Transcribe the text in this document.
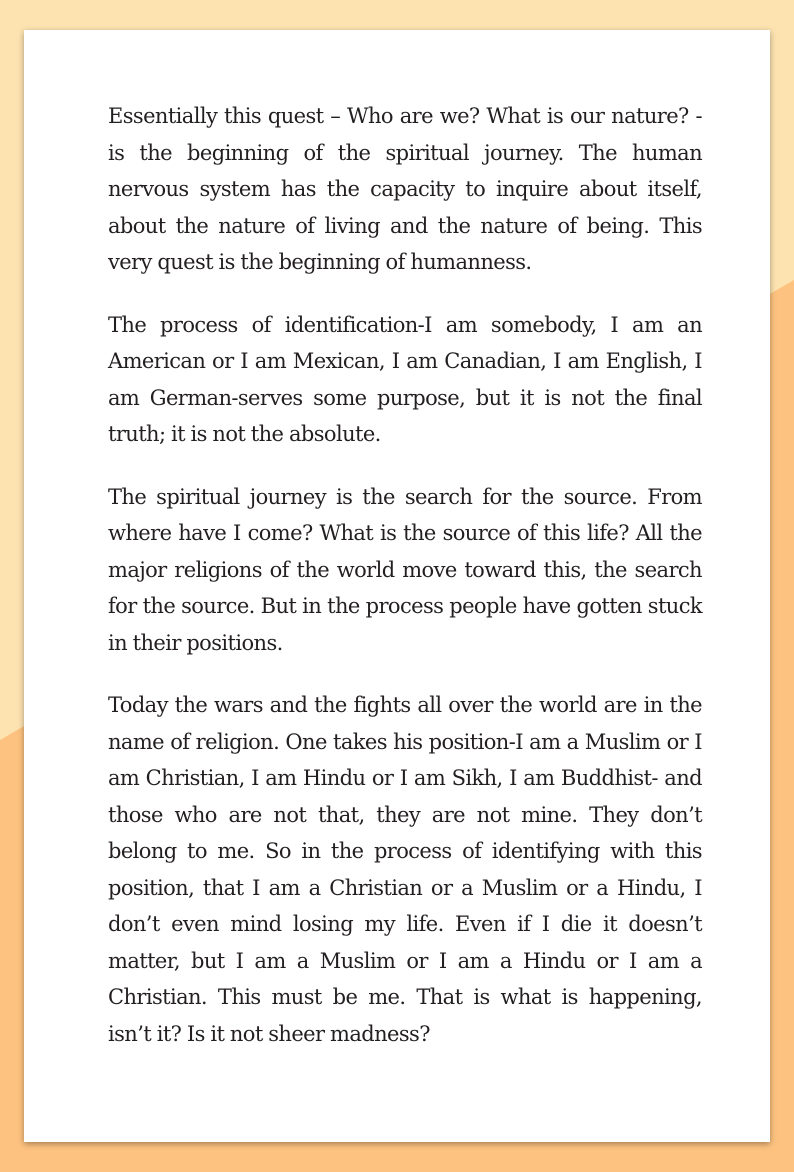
Essentially this quest – Who are we? What is our nature? - is the beginning of the spiritual journey. The human nervous system has the capacity to inquire about itself, about the nature of living and the nature of being. This very quest is the beginning of humanness.

The process of identification-I am somebody, I am an American or I am Mexican, I am Canadian, I am English, I am German-serves some purpose, but it is not the final truth; it is not the absolute.

The spiritual journey is the search for the source. From where have I come? What is the source of this life? All the major religions of the world move toward this, the search for the source. But in the process people have gotten stuck in their positions.

Today the wars and the fights all over the world are in the name of religion. One takes his position-I am a Muslim or I am Christian, I am Hindu or I am Sikh, I am Buddhist- and those who are not that, they are not mine. They don’t belong to me. So in the process of identifying with this position, that I am a Christian or a Muslim or a Hindu, I don’t even mind losing my life. Even if I die it doesn’t matter, but I am a Muslim or I am a Hindu or I am a Christian. This must be me. That is what is happening, isn’t it? Is it not sheer madness?
